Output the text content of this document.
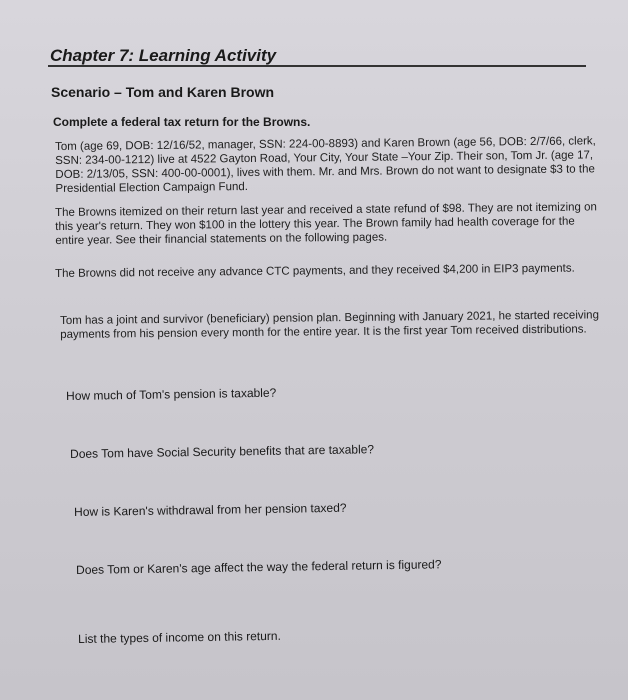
Chapter 7: Learning Activity
Scenario – Tom and Karen Brown
Complete a federal tax return for the Browns.
Tom (age 69, DOB: 12/16/52, manager, SSN: 224-00-8893) and Karen Brown (age 56, DOB: 2/7/66, clerk, SSN: 234-00-1212) live at 4522 Gayton Road, Your City, Your State –Your Zip. Their son, Tom Jr. (age 17, DOB: 2/13/05, SSN: 400-00-0001), lives with them. Mr. and Mrs. Brown do not want to designate $3 to the Presidential Election Campaign Fund.
The Browns itemized on their return last year and received a state refund of $98. They are not itemizing on this year's return. They won $100 in the lottery this year. The Brown family had health coverage for the entire year. See their financial statements on the following pages.
The Browns did not receive any advance CTC payments, and they received $4,200 in EIP3 payments.
Tom has a joint and survivor (beneficiary) pension plan. Beginning with January 2021, he started receiving payments from his pension every month for the entire year. It is the first year Tom received distributions.
How much of Tom's pension is taxable?
Does Tom have Social Security benefits that are taxable?
How is Karen's withdrawal from her pension taxed?
Does Tom or Karen's age affect the way the federal return is figured?
List the types of income on this return.
